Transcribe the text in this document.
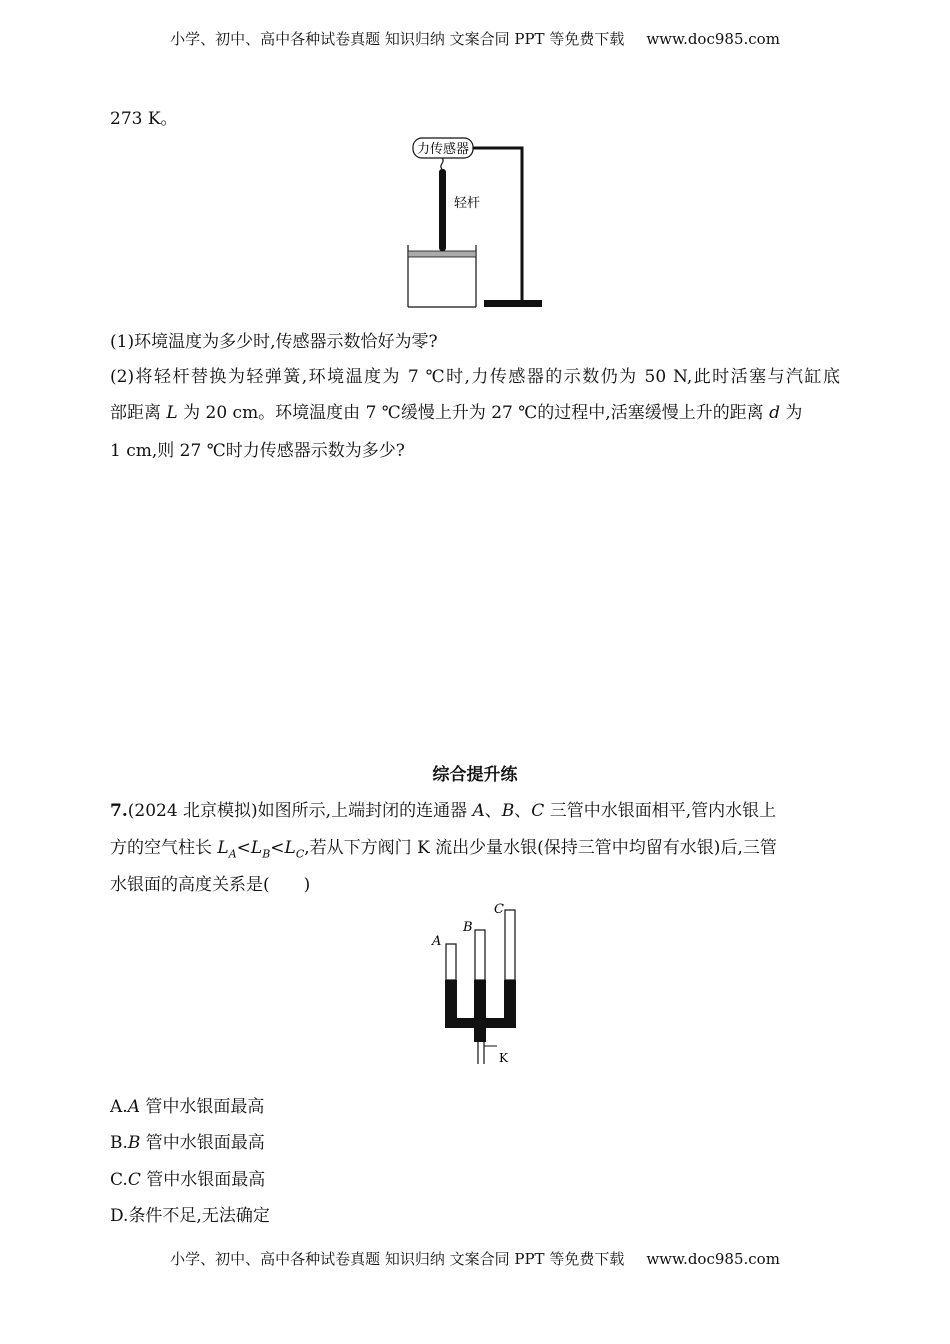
小学、初中、高中各种试卷真题 知识归纳 文案合同 PPT 等免费下载 www.doc985.com
273 K。
力传感器
轻杆
(1)环境温度为多少时,传感器示数恰好为零?
(2)将轻杆替换为轻弹簧,环境温度为 7 ℃时,力传感器的示数仍为 50 N,此时活塞与汽缸底
部距离 L 为 20 cm。环境温度由 7 ℃缓慢上升为 27 ℃的过程中,活塞缓慢上升的距离 d 为
1 cm,则 27 ℃时力传感器示数为多少?
综合提升练
7.(2024 北京模拟)如图所示,上端封闭的连通器 A、B、C 三管中水银面相平,管内水银上
方的空气柱长 $L_A<L_B<L_C$,若从下方阀门 K 流出少量水银(保持三管中均留有水银)后,三管
水银面的高度关系是(　　)
A
B
C
K
A.A 管中水银面最高
B.B 管中水银面最高
C.C 管中水银面最高
D.条件不足,无法确定
小学、初中、高中各种试卷真题 知识归纳 文案合同 PPT 等免费下载 www.doc985.com
